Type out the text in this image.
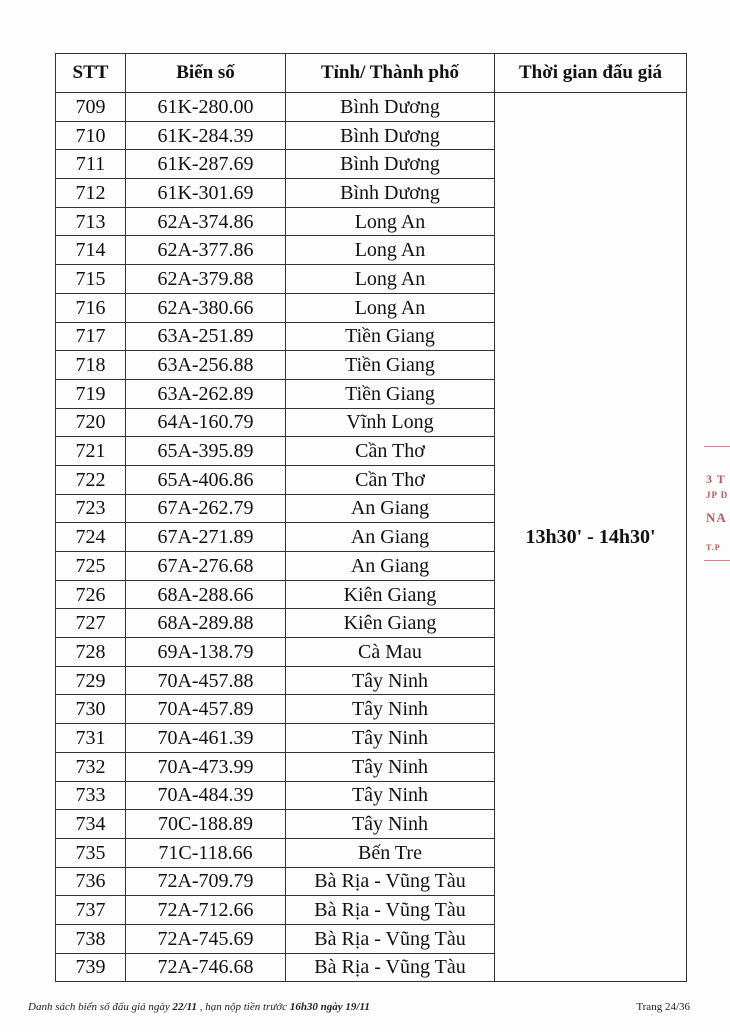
STT	Biển số	Tỉnh/ Thành phố	Thời gian đấu giá
709	61K-280.00	Bình Dương	13h30' - 14h30'
710	61K-284.39	Bình Dương	
711	61K-287.69	Bình Dương	
712	61K-301.69	Bình Dương	
713	62A-374.86	Long An	
714	62A-377.86	Long An	
715	62A-379.88	Long An	
716	62A-380.66	Long An	
717	63A-251.89	Tiền Giang	
718	63A-256.88	Tiền Giang	
719	63A-262.89	Tiền Giang	
720	64A-160.79	Vĩnh Long	
721	65A-395.89	Cần Thơ	
722	65A-406.86	Cần Thơ	
723	67A-262.79	An Giang	
724	67A-271.89	An Giang	
725	67A-276.68	An Giang	
726	68A-288.66	Kiên Giang	
727	68A-289.88	Kiên Giang	
728	69A-138.79	Cà Mau	
729	70A-457.88	Tây Ninh	
730	70A-457.89	Tây Ninh	
731	70A-461.39	Tây Ninh	
732	70A-473.99	Tây Ninh	
733	70A-484.39	Tây Ninh	
734	70C-188.89	Tây Ninh	
735	71C-118.66	Bến Tre	
736	72A-709.79	Bà Rịa - Vũng Tàu	
737	72A-712.66	Bà Rịa - Vũng Tàu	
738	72A-745.69	Bà Rịa - Vũng Tàu	
739	72A-746.68	Bà Rịa - Vũng Tàu	
Danh sách biển số đấu giá ngày 22/11 , hạn nộp tiền trước 16h30 ngày 19/11	Trang 24/36
3 T
JP D
NA
T.P
